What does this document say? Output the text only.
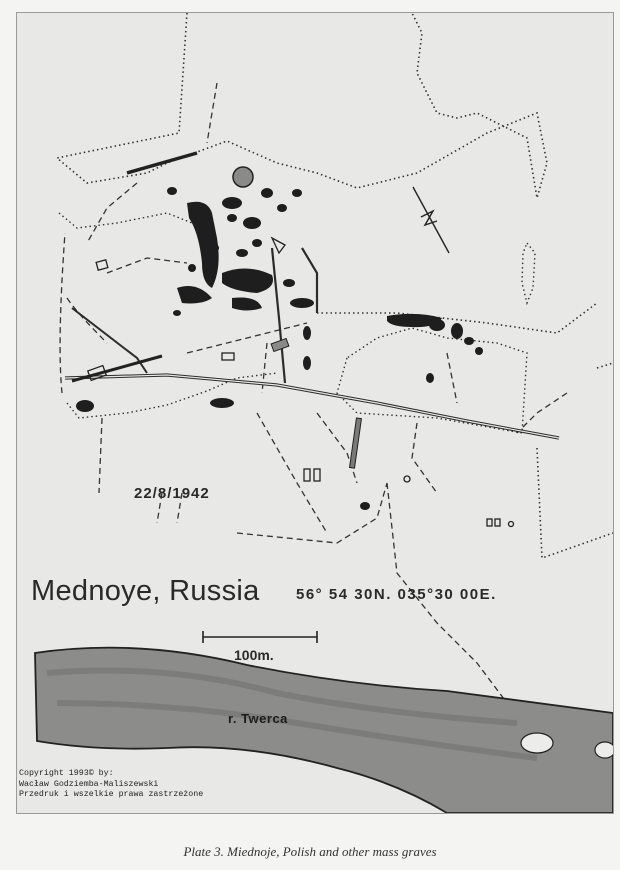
Mednoye, Russia 56° 54 30N. 035°30 00E.
22/8/1942
100m.
r. Twerca
Copyright 1993© by:
Wacław Godziemba-Maliszewski
Przedruk i wszelkie prawa zastrzeżone
Plate 3. Miednoje, Polish and other mass graves
